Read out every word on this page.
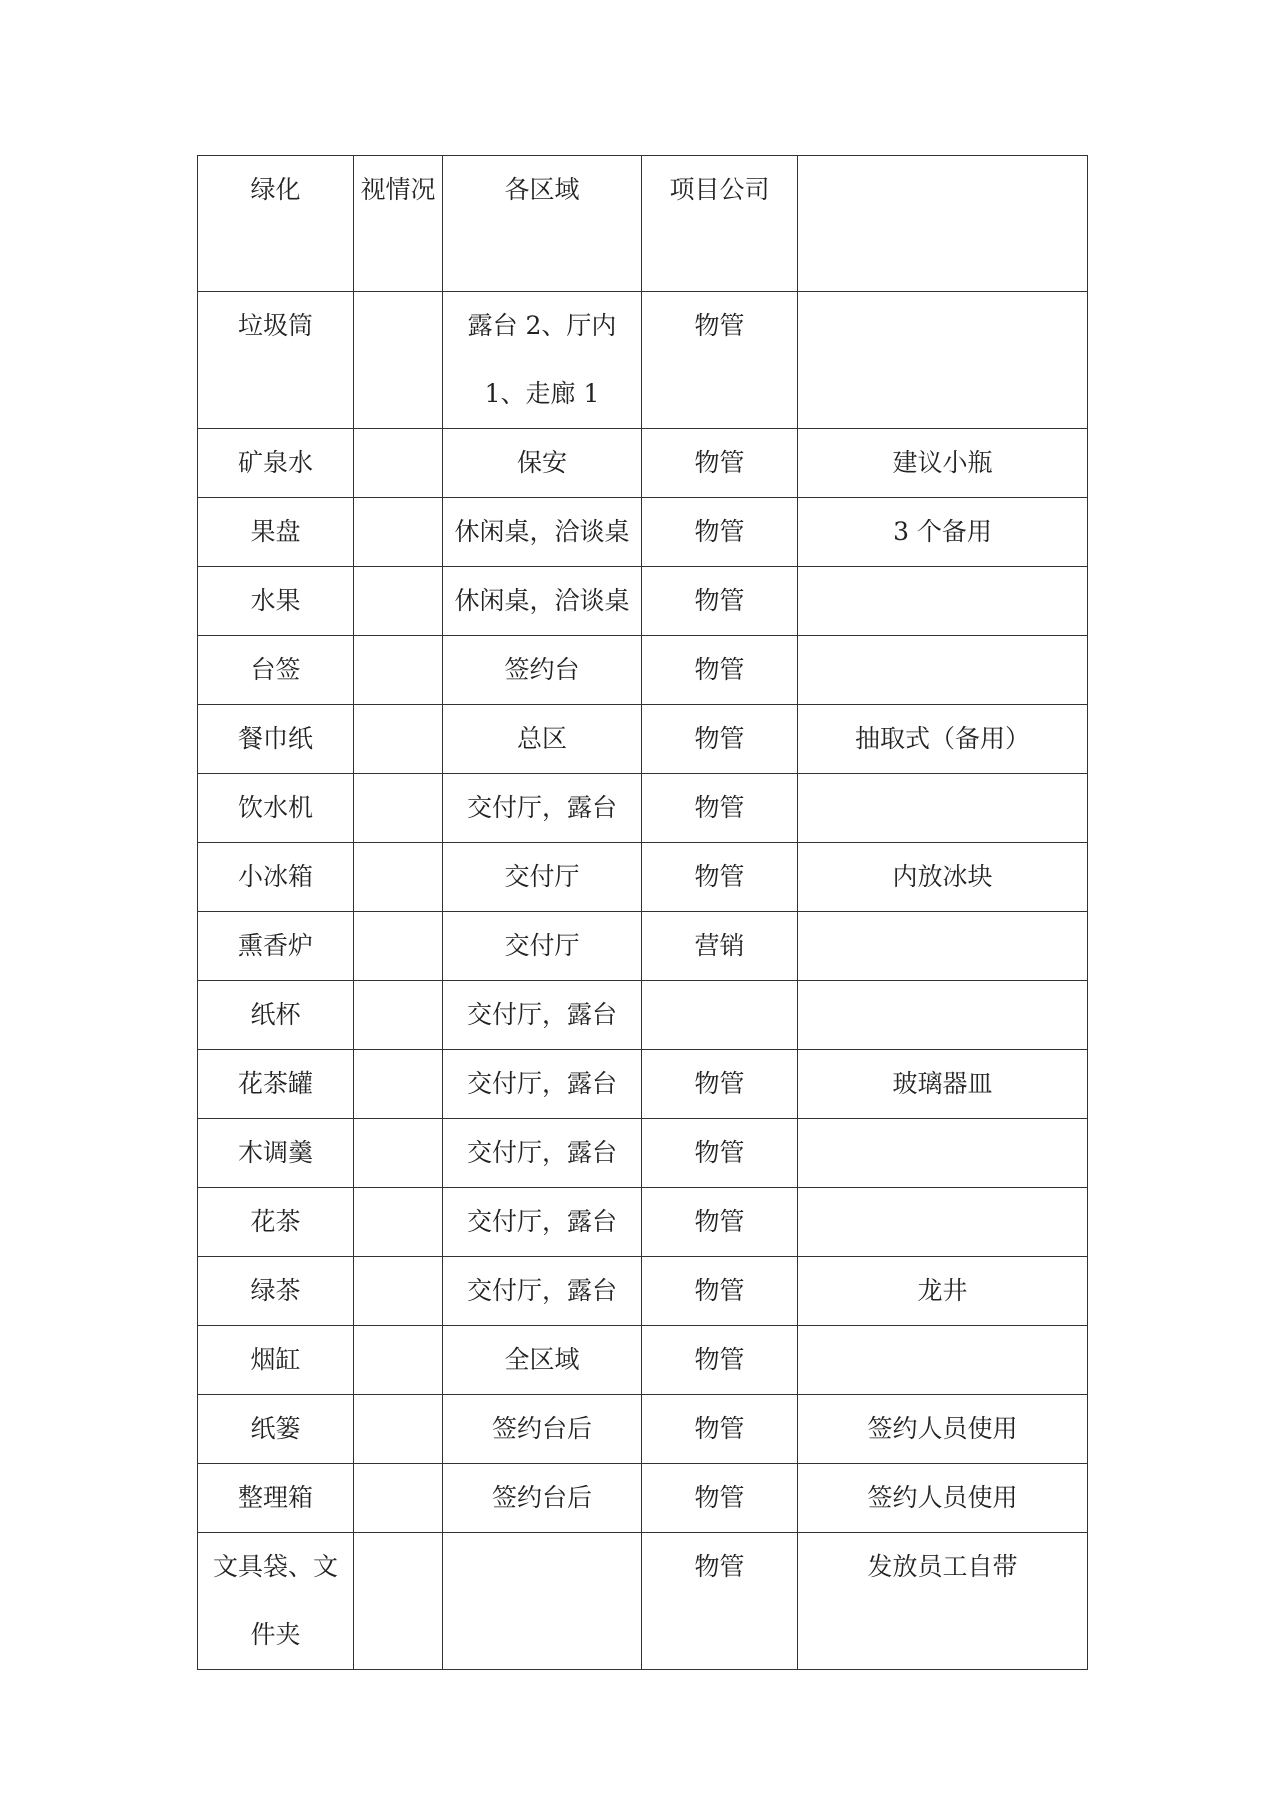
绿化	视情况	各区域	项目公司	

垃圾筒		露台 2、厅内 1、走廊 1	物管	

矿泉水		保安	物管	建议小瓶
果盘		休闲桌，洽谈桌	物管	3 个备用
水果		休闲桌，洽谈桌	物管	
台签		签约台	物管	
餐巾纸		总区	物管	抽取式（备用）
饮水机		交付厅，露台	物管	
小冰箱		交付厅	物管	内放冰块
熏香炉		交付厅	营销	
纸杯		交付厅，露台		
花茶罐		交付厅，露台	物管	玻璃器皿
木调羹		交付厅，露台	物管	
花茶		交付厅，露台	物管	
绿茶		交付厅，露台	物管	龙井
烟缸		全区域	物管	
纸篓		签约台后	物管	签约人员使用
整理箱		签约台后	物管	签约人员使用

文具袋、文件夹			物管	发放员工自带
